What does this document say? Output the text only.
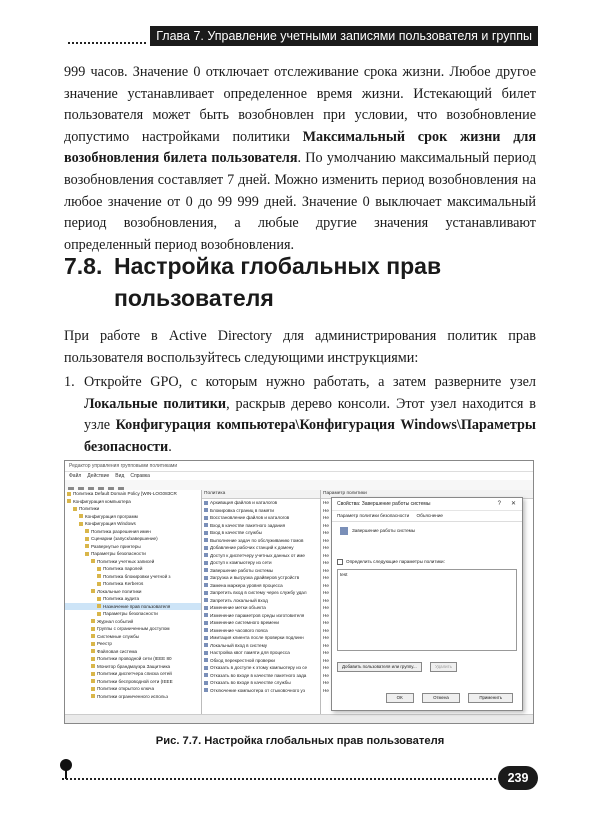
Глава 7. Управление учетными записями пользователя и группы

999 часов. Значение 0 отключает отслеживание срока жизни. Любое другое значение устанавливает определенное время жизни. Истекающий билет пользователя может быть возобновлен при условии, что возобновление допустимо настройками политики Максимальный срок жизни для возобновления билета пользователя. По умолчанию максимальный период возобновления составляет 7 дней. Можно изменить период возобновления на любое значение от 0 до 99 999 дней. Значение 0 выключает максимальный период возобновления, а любые другие значения устанавливают определенный период возобновления.

7.8. Настройка глобальных прав
пользователя

При работе в Active Directory для администрирования политик прав пользователя воспользуйтесь следующими инструкциями:

1. Откройте GPO, с которым нужно работать, а затем разверните узел Локальные политики, раскрыв дерево консоли. Этот узел находится в узле Конфигурация компьютера\Конфигурация Windows\Параметры безопасности.
Редактор управления групповыми политиками
Файл Действие Вид Справка
Политика Default Domain Policy [WIN-LOG083CR
Конфигурация компьютера
Политики
Конфигурация программ
Конфигурация Windows
Политика разрешения имен
Сценарии (запуск/завершение)
Развернутые принтеры
Параметры безопасности
Политики учетных записей
Политика паролей
Политика блокировки учетной з
Политика Kerberos
Локальные политики
Политика аудита
Назначение прав пользователя
Параметры безопасности
Журнал событий
Группы с ограниченным доступом
Системные службы
Реестр
Файловая система
Политики проводной сети (IEEE 80
Монитор брандмауэра Защитника
Политики диспетчера списка сетей
Политики беспроводной сети (IEEE
Политики открытого ключа
Политики ограниченного использ
Политика
Архивация файлов и каталогов
Блокировка страниц в памяти
Восстановление файлов и каталогов
Вход в качестве пакетного задания
Вход в качестве службы
Выполнение задач по обслуживанию томов
Добавление рабочих станций к домену
Доступ к диспетчеру учетных данных от име
Доступ к компьютеру из сети
Завершение работы системы
Загрузка и выгрузка драйверов устройств
Замена маркера уровня процесса
Запретить вход в систему через службу удал
Запретить локальный вход
Изменение метки объекта
Изменение параметров среды изготовителя
Изменение системного времени
Изменение часового пояса
Имитация клиента после проверки подлинн
Локальный вход в систему
Настройка квот памяти для процесса
Обход перекрестной проверки
Отказать в доступе к этому компьютеру из се
Отказать во входе в качестве пакетного зада
Отказать во входе в качестве службы
Отключение компьютера от стыковочного уз
Параметр политики
Не
Не
Не
Не
Не
Не
Не
Не
Не
Не
Не
Не
Не
Не
Не
Не
Не
Не
Не
Не
Не
Не
Не
Не
Не
Не
Свойства: Завершение работы системы	? ✕
Параметр политики безопасности Объяснение
Завершение работы системы
Определить следующие параметры политики:
test
Добавить пользователя или группу...	Удалить
ОК	Отмена	Применить

Рис. 7.7. Настройка глобальных прав пользователя

239
